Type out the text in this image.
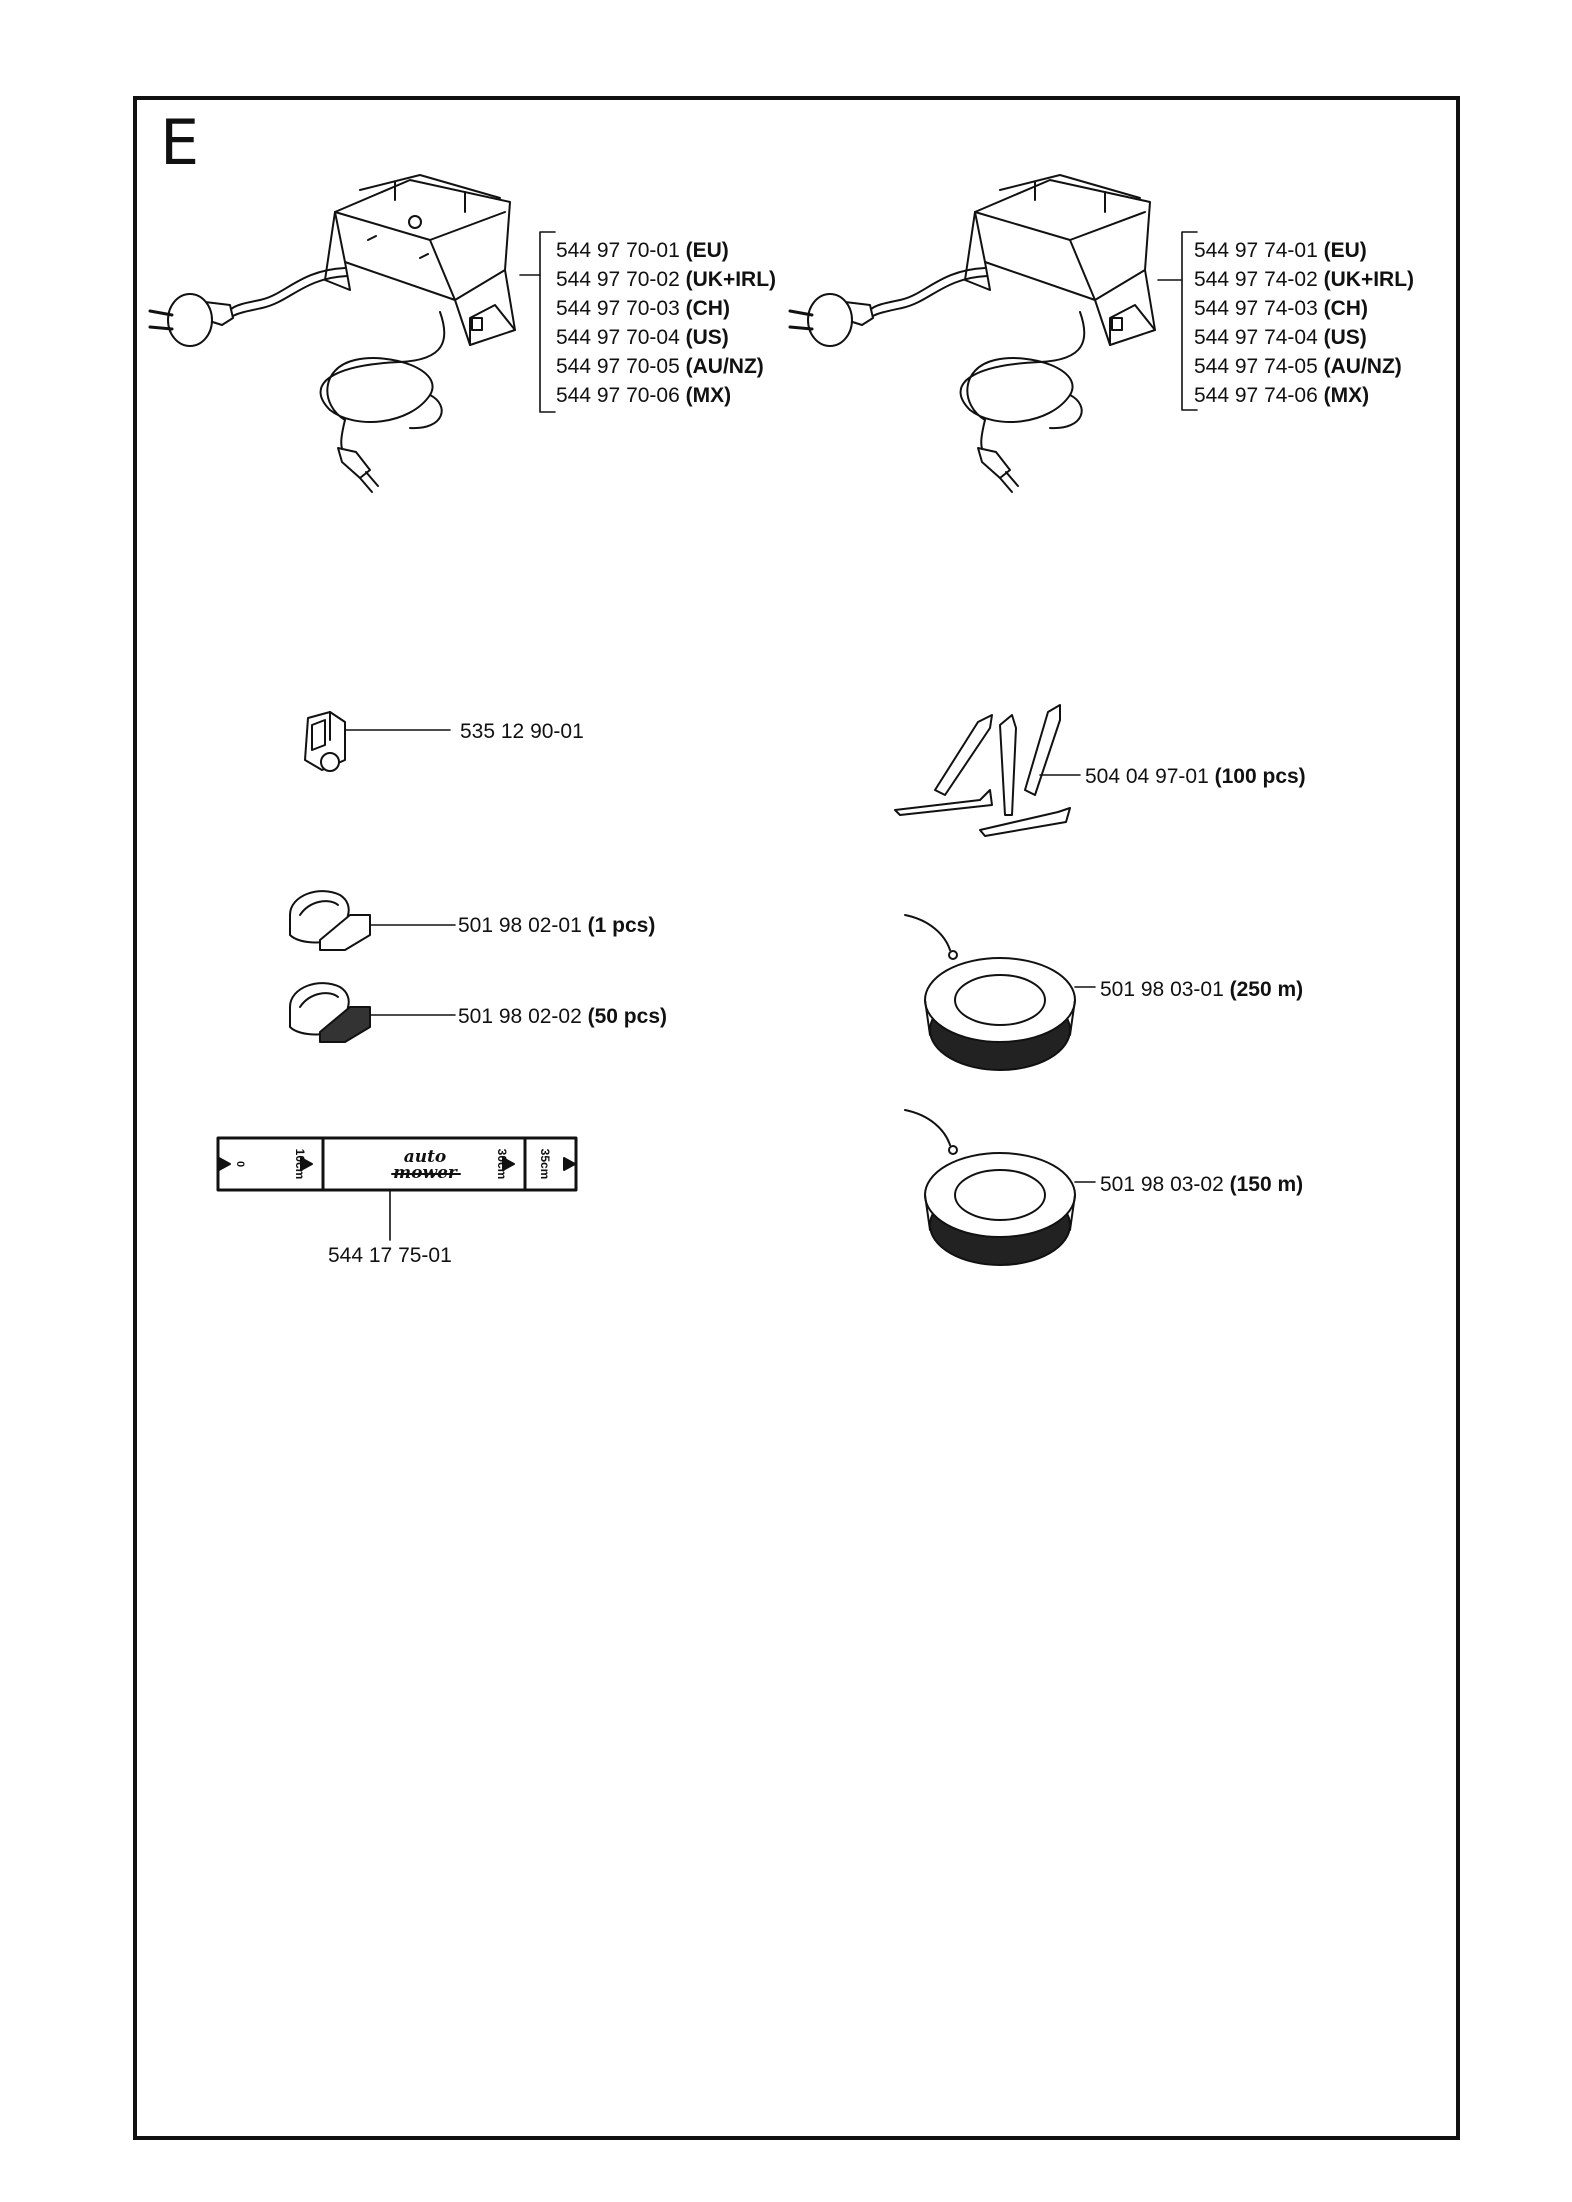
E
0	10cm	30cm 35cm
auto
mower
544 97 70-01 (EU)
544 97 70-02 (UK+IRL)
544 97 70-03 (CH)
544 97 70-04 (US)
544 97 70-05 (AU/NZ)
544 97 70-06 (MX)
544 97 74-01 (EU)
544 97 74-02 (UK+IRL)
544 97 74-03 (CH)
544 97 74-04 (US)
544 97 74-05 (AU/NZ)
544 97 74-06 (MX)
535 12 90-01
504 04 97-01 (100 pcs)
501 98 02-01 (1 pcs)
501 98 02-02 (50 pcs)
501 98 03-01 (250 m)
501 98 03-02 (150 m)
544 17 75-01
